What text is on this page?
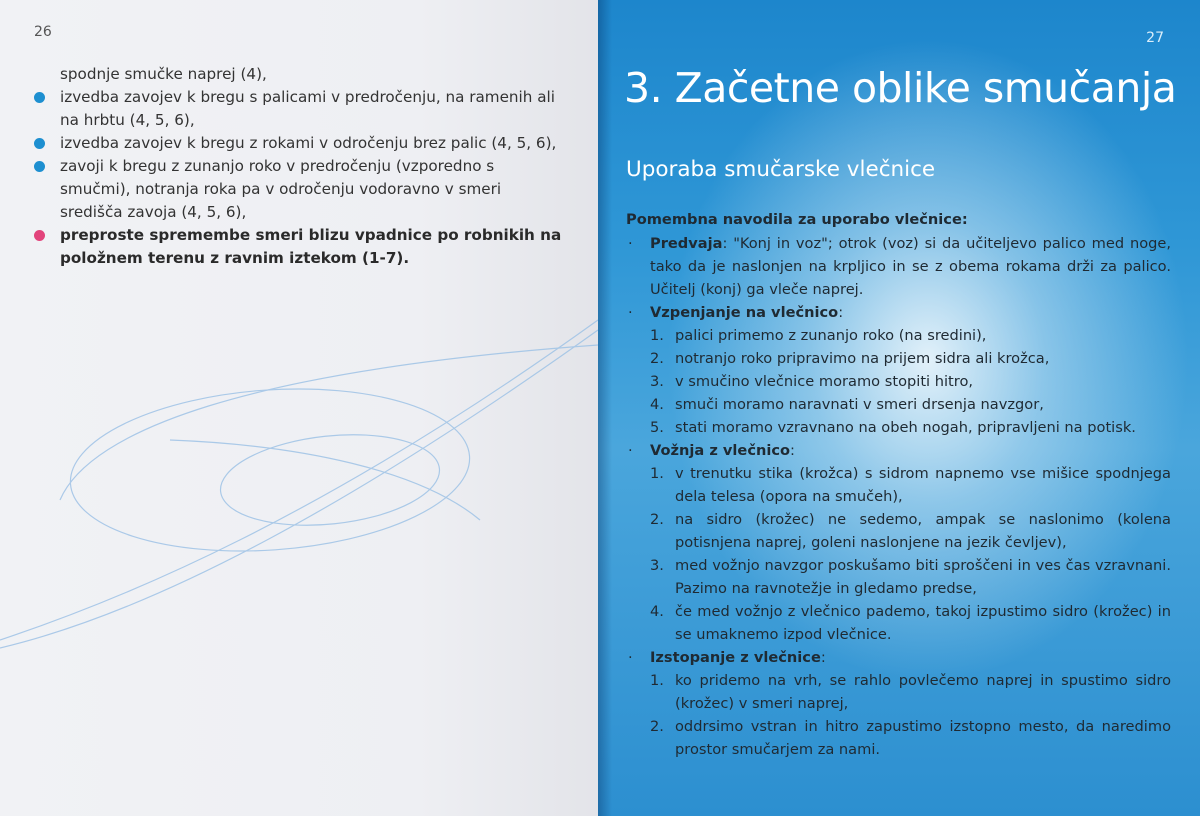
26
spodnje smučke naprej (4),
izvedba zavojev k bregu s palicami v predročenju, na ramenih ali na hrbtu (4, 5, 6),
izvedba zavojev k bregu z rokami v odročenju brez palic (4, 5, 6),
zavoji k bregu z zunanjo roko v predročenju (vzporedno s smučmi), notranja roka pa v odročenju vodoravno v smeri središča zavoja (4, 5, 6),
preproste spremembe smeri blizu vpadnice po robnikih na položnem terenu z ravnim iztekom (1-7).
27
3. Začetne oblike smučanja
Uporaba smučarske vlečnice

Pomembna navodila za uporabo vlečnice:

· Predvaja: "Konj in voz"; otrok (voz) si da učiteljevo palico med noge, tako da je naslonjen na krpljico in se z obema rokama drži za palico. Učitelj (konj) ga vleče naprej.
· Vzpenjanje na vlečnico:
1. palici primemo z zunanjo roko (na sredini),
2. notranjo roko pripravimo na prijem sidra ali krožca,
3. v smučino vlečnice moramo stopiti hitro,
4. smuči moramo naravnati v smeri drsenja navzgor,
5. stati moramo vzravnano na obeh nogah, pripravljeni na potisk.
· Vožnja z vlečnico:
1. v trenutku stika (krožca) s sidrom napnemo vse mišice spodnjega dela telesa (opora na smučeh),
2. na sidro (krožec) ne sedemo, ampak se naslonimo (kolena potisnjena naprej, goleni naslonjene na jezik čevljev),
3. med vožnjo navzgor poskušamo biti sproščeni in ves čas vzravnani. Pazimo na ravnotežje in gledamo predse,
4. če med vožnjo z vlečnico pademo, takoj izpustimo sidro (krožec) in se umaknemo izpod vlečnice.
· Izstopanje z vlečnice:
1. ko pridemo na vrh, se rahlo povlečemo naprej in spustimo sidro (krožec) v smeri naprej,
2. oddrsimo vstran in hitro zapustimo izstopno mesto, da naredimo prostor smučarjem za nami.
